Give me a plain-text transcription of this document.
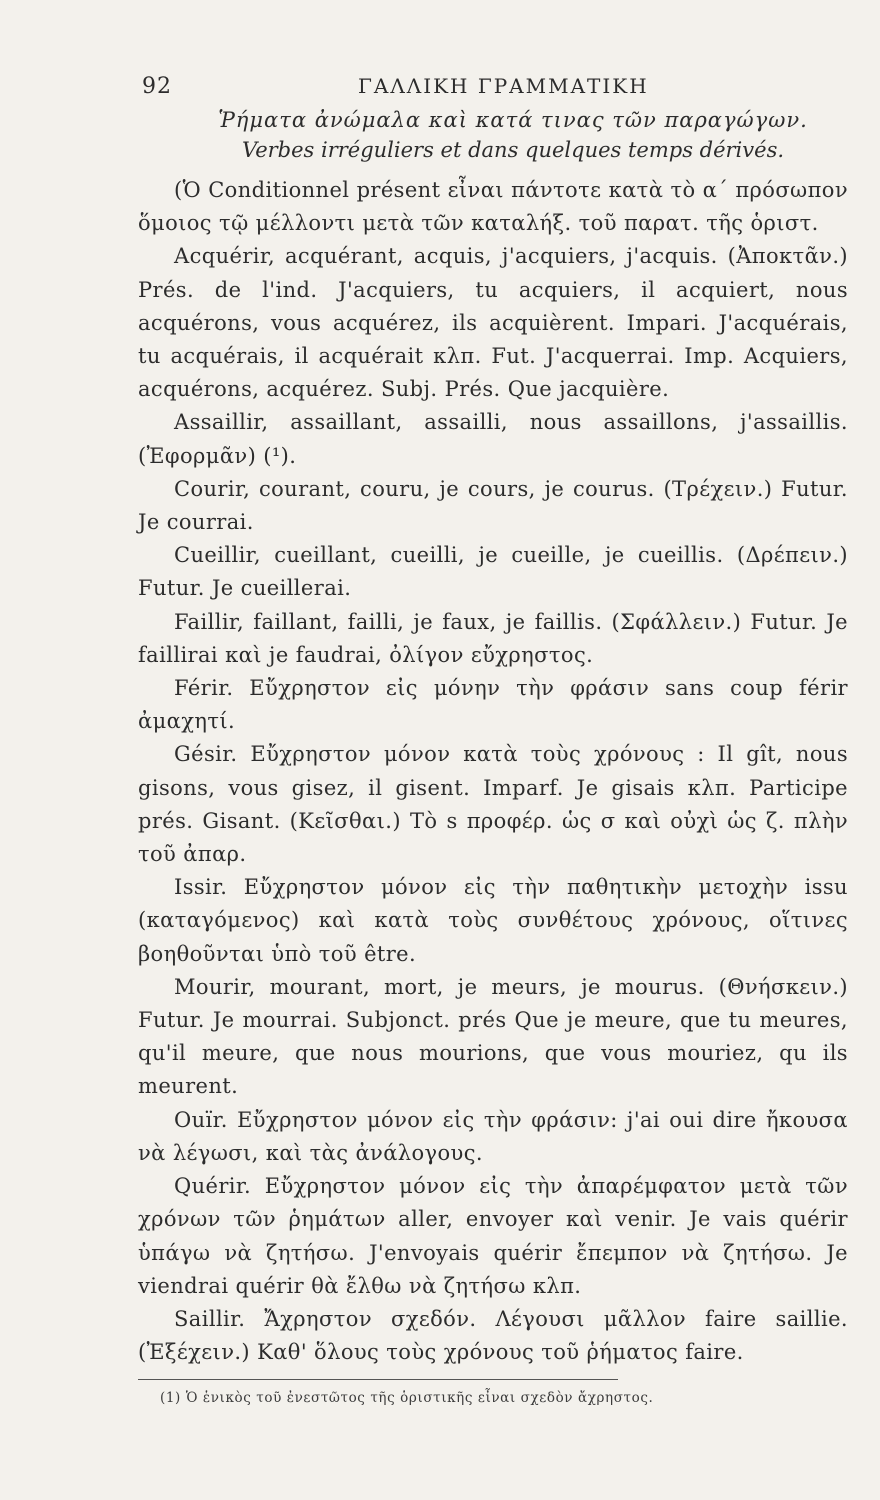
92	ΓΑΛΛΙΚΗ ΓΡΑΜΜΑΤΙΚΗ
Ῥήματα ἀνώμαλα καὶ κατά τινας τῶν παραγώγων.
Verbes irréguliers et dans quelques temps dérivés.

(Ὁ Conditionnel présent εἶναι πάντοτε κατὰ τὸ α΄ πρόσωπον ὅμοιος τῷ μέλλοντι μετὰ τῶν καταλήξ. τοῦ παρατ. τῆς ὁριστ.

Acquérir, acquérant, acquis, j'acquiers, j'acquis. (Ἀποκτᾶν.) Prés. de l'ind. J'acquiers, tu acquiers, il acquiert, nous acquérons, vous acquérez, ils acquièrent. Impari. J'acquérais, tu acquérais, il acquérait κλπ. Fut. J'acquerrai. Imp. Acquiers, acquérons, acquérez. Subj. Prés. Que jacquière.

Assaillir, assaillant, assailli, nous assaillons, j'assaillis. (Ἐφορμᾶν) (¹).

Courir, courant, couru, je cours, je courus. (Τρέχειν.) Futur. Je courrai.

Cueillir, cueillant, cueilli, je cueille, je cueillis. (Δρέπειν.) Futur. Je cueillerai.

Faillir, faillant, failli, je faux, je faillis. (Σφάλλειν.) Futur. Je faillirai καὶ je faudrai, ὀλίγον εὔχρηστος.

Férir. Εὔχρηστον εἰς μόνην τὴν φράσιν sans coup férir ἀμαχητί.

Gésir. Εὔχρηστον μόνον κατὰ τοὺς χρόνους : Il gît, nous gisons, vous gisez, il gisent. Imparf. Je gisais κλπ. Participe prés. Gisant. (Κεῖσθαι.) Τὸ s προφέρ. ὡς σ καὶ οὐχὶ ὡς ζ. πλὴν τοῦ ἀπαρ.

Issir. Εὔχρηστον μόνον εἰς τὴν παθητικὴν μετοχὴν issu (καταγόμενος) καὶ κατὰ τοὺς συνθέτους χρόνους, οἵτινες βοηθοῦνται ὑπὸ τοῦ être.

Mourir, mourant, mort, je meurs, je mourus. (Θνήσκειν.) Futur. Je mourrai. Subjonct. prés Que je meure, que tu meures, qu'il meure, que nous mourions, que vous mouriez, qu ils meurent.

Ouïr. Εὔχρηστον μόνον εἰς τὴν φράσιν: j'ai oui dire ἤκουσα νὰ λέγωσι, καὶ τὰς ἀνάλογους.

Quérir. Εὔχρηστον μόνον εἰς τὴν ἀπαρέμφατον μετὰ τῶν χρόνων τῶν ῥημάτων aller, envoyer καὶ venir. Je vais quérir ὑπάγω νὰ ζητήσω. J'envoyais quérir ἔπεμπον νὰ ζητήσω. Je viendrai quérir θὰ ἔλθω νὰ ζητήσω κλπ.

Saillir. Ἄχρηστον σχεδόν. Λέγουσι μᾶλλον faire saillie. (Ἐξέχειν.) Καθ' ὅλους τοὺς χρόνους τοῦ ῥήματος faire.

(1) Ὁ ἑνικὸς τοῦ ἐνεστῶτος τῆς ὁριστικῆς εἶναι σχεδὸν ἄχρηστος.
